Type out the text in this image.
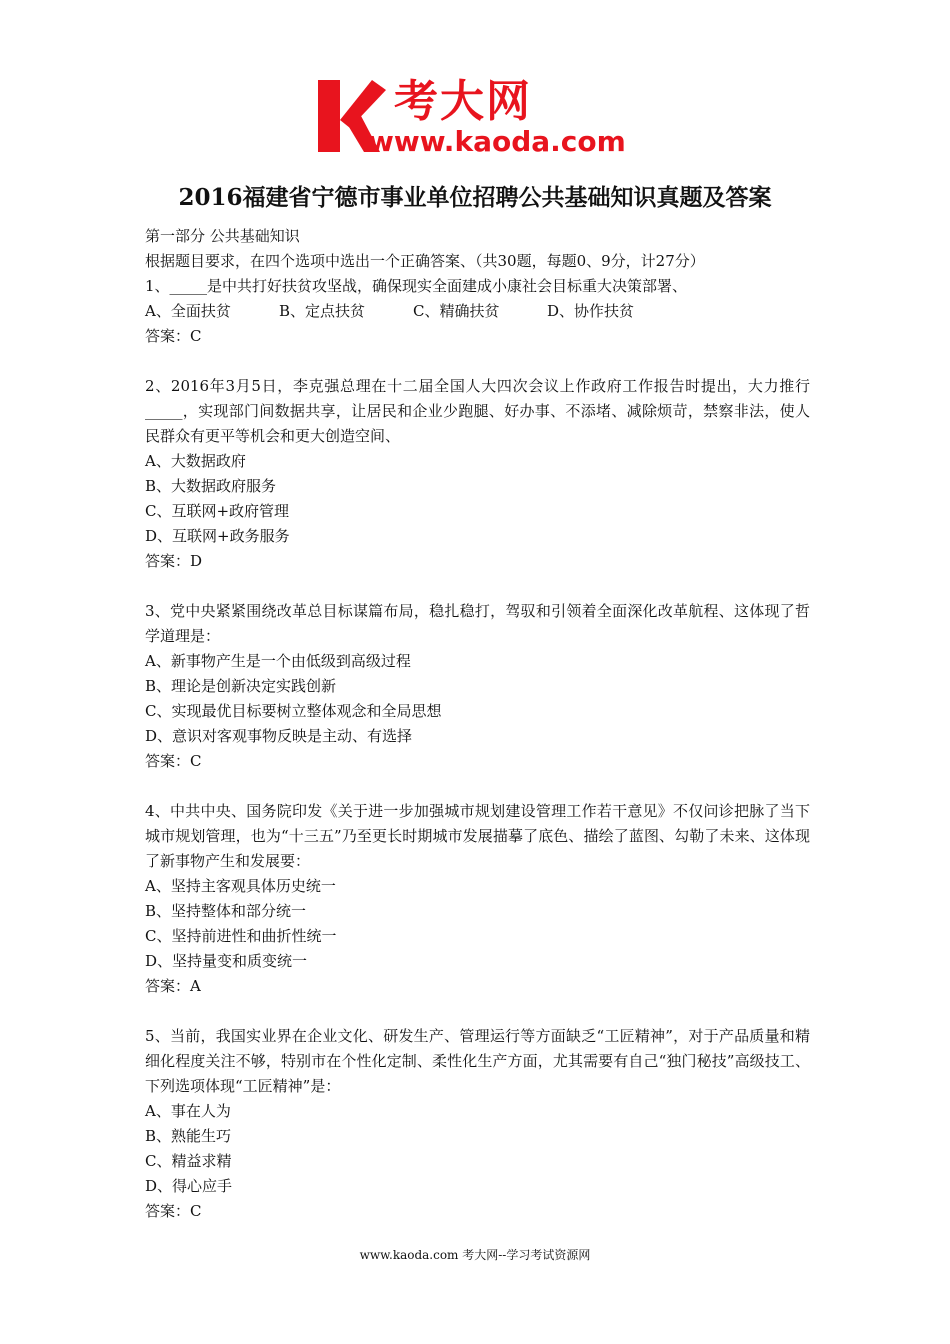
考大网
www.kaoda.com
2016福建省宁德市事业单位招聘公共基础知识真题及答案
第一部分 公共基础知识
根据题目要求，在四个选项中选出一个正确答案、（共30题，每题0、9分，计27分）
1、_____是中共打好扶贫攻坚战，确保现实全面建成小康社会目标重大决策部署、
A、全面扶贫	B、定点扶贫	C、精确扶贫	D、协作扶贫
答案：C
2、2016年3月5日，李克强总理在十二届全国人大四次会议上作政府工作报告时提出，大力推行_____，实现部门间数据共享，让居民和企业少跑腿、好办事、不添堵、减除烦苛，禁察非法，使人民群众有更平等机会和更大创造空间、
A、大数据政府
B、大数据政府服务
C、互联网+政府管理
D、互联网+政务服务
答案：D
3、党中央紧紧围绕改革总目标谋篇布局，稳扎稳打，驾驭和引领着全面深化改革航程、这体现了哲学道理是：
A、新事物产生是一个由低级到高级过程
B、理论是创新决定实践创新
C、实现最优目标要树立整体观念和全局思想
D、意识对客观事物反映是主动、有选择
答案：C
4、中共中央、国务院印发《关于进一步加强城市规划建设管理工作若干意见》不仅问诊把脉了当下城市规划管理，也为“十三五”乃至更长时期城市发展描摹了底色、描绘了蓝图、勾勒了未来、这体现了新事物产生和发展要：
A、坚持主客观具体历史统一
B、坚持整体和部分统一
C、坚持前进性和曲折性统一
D、坚持量变和质变统一
答案：A
5、当前，我国实业界在企业文化、研发生产、管理运行等方面缺乏“工匠精神”，对于产品质量和精细化程度关注不够，特别市在个性化定制、柔性化生产方面，尤其需要有自己“独门秘技”高级技工、下列选项体现“工匠精神”是：
A、事在人为
B、熟能生巧
C、精益求精
D、得心应手
答案：C
www.kaoda.com 考大网--学习考试资源网
